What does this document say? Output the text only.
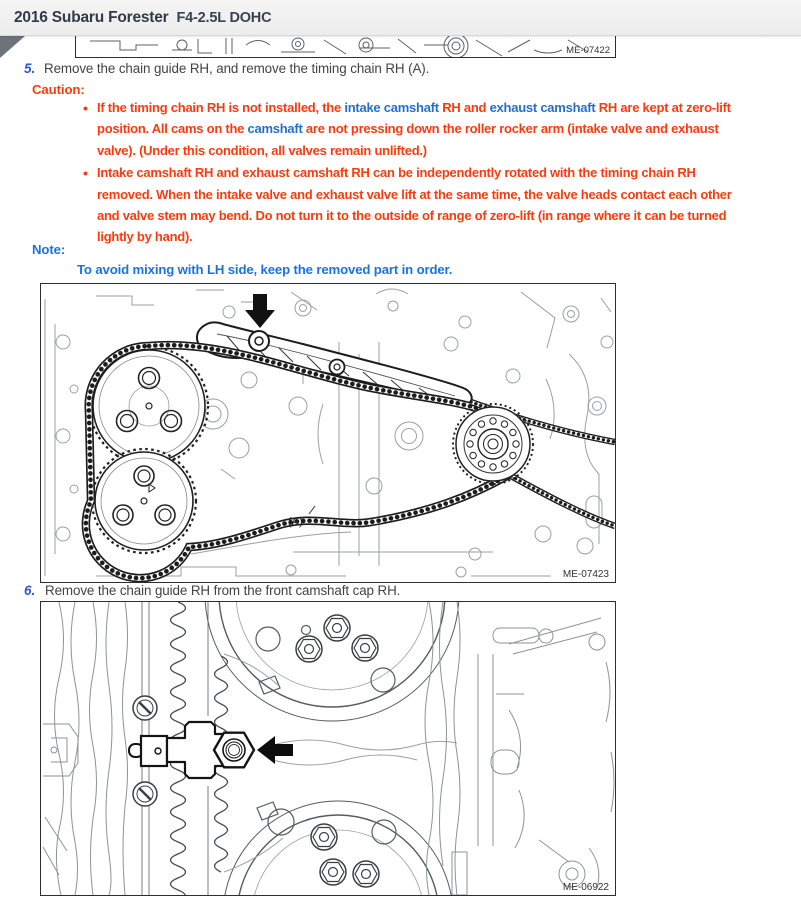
2016 Subaru Forester F4-2.5L DOHC
ME-07422
5. Remove the chain guide RH, and remove the timing chain RH (A).
Caution:
• If the timing chain RH is not installed, the intake camshaft RH and exhaust camshaft RH are kept at zero-lift
position. All cams on the camshaft are not pressing down the roller rocker arm (intake valve and exhaust
valve). (Under this condition, all valves remain unlifted.)
• Intake camshaft RH and exhaust camshaft RH can be independently rotated with the timing chain RH
removed. When the intake valve and exhaust valve lift at the same time, the valve heads contact each other
and valve stem may bend. Do not turn it to the outside of range of zero-lift (in range where it can be turned
lightly by hand).
Note:
To avoid mixing with LH side, keep the removed part in order.
(A)
ME-07423
6. Remove the chain guide RH from the front camshaft cap RH.
ME-06922
